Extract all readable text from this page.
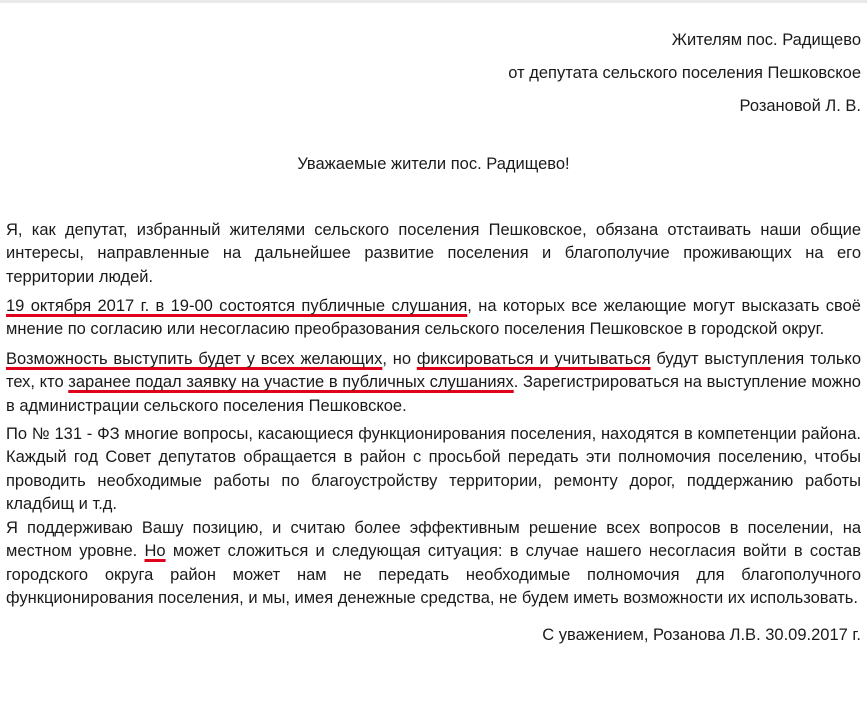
Жителям пос. Радищево
от депутата сельского поселения Пешковское
Розановой Л. В.
Уважаемые жители пос. Радищево!
Я, как депутат, избранный жителями сельского поселения Пешковское, обязана отстаивать наши общие интересы, направленные на дальнейшее развитие поселения и благополучие проживающих на его территории людей.
19 октября 2017 г. в 19-00 состоятся публичные слушания, на которых все желающие могут высказать своё мнение по согласию или несогласию преобразования сельского поселения Пешковское в городской округ.
Возможность выступить будет у всех желающих, но фиксироваться и учитываться будут выступления только тех, кто заранее подал заявку на участие в публичных слушаниях. Зарегистрироваться на выступление можно в администрации сельского поселения Пешковское.
По № 131 - ФЗ многие вопросы, касающиеся функционирования поселения, находятся в компетенции района. Каждый год Совет депутатов обращается в район с просьбой передать эти полномочия поселению, чтобы проводить необходимые работы по благоустройству территории, ремонту дорог, поддержанию работы кладбищ и т.д.
Я поддерживаю Вашу позицию, и считаю более эффективным решение всех вопросов в поселении, на местном уровне. Но может сложиться и следующая ситуация: в случае нашего несогласия войти в состав городского округа район может нам не передать необходимые полномочия для благополучного функционирования поселения, и мы, имея денежные средства, не будем иметь возможности их использовать.
С уважением, Розанова Л.В. 30.09.2017 г.
